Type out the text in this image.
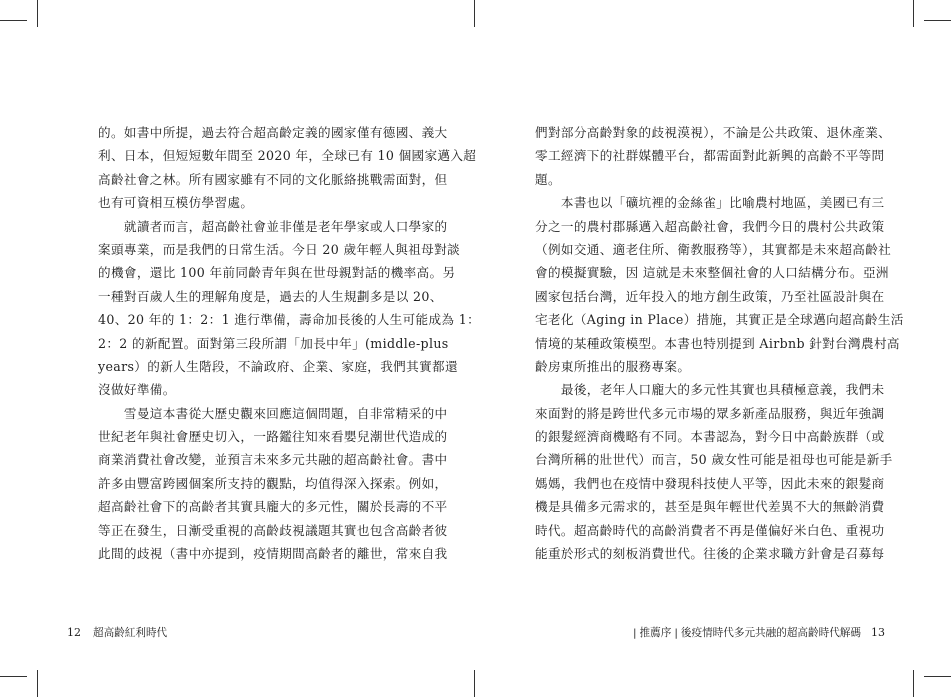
的。如書中所提，過去符合超高齡定義的國家僅有德國、義大
利、日本，但短短數年間至 2020 年，全球已有 10 個國家邁入超
高齡社會之林。所有國家雖有不同的文化脈絡挑戰需面對，但
也有可資相互模仿學習處。
　　就讀者而言，超高齡社會並非僅是老年學家或人口學家的
案頭專業，而是我們的日常生活。今日 20 歲年輕人與祖母對談
的機會，還比 100 年前同齡青年與在世母親對話的機率高。另
一種對百歲人生的理解角度是，過去的人生規劃多是以 20、
40、20 年的 1：2：1 進行準備，壽命加長後的人生可能成為 1：
2：2 的新配置。面對第三段所謂「加長中年」(middle-plus
years）的新人生階段，不論政府、企業、家庭，我們其實都還
沒做好準備。
　　雪曼這本書從大歷史觀來回應這個問題，自非常精采的中
世紀老年與社會歷史切入，一路鑑往知來看嬰兒潮世代造成的
商業消費社會改變，並預言未來多元共融的超高齡社會。書中
許多由豐富跨國個案所支持的觀點，均值得深入探索。例如，
超高齡社會下的高齡者其實具龐大的多元性，關於長壽的不平
等正在發生，日漸受重視的高齡歧視議題其實也包含高齡者彼
此間的歧視（書中亦提到，疫情期間高齡者的離世，常來自我
們對部分高齡對象的歧視漠視），不論是公共政策、退休產業、
零工經濟下的社群媒體平台，都需面對此新興的高齡不平等問
題。
　　本書也以「礦坑裡的金絲雀」比喻農村地區，美國已有三
分之一的農村郡縣邁入超高齡社會，我們今日的農村公共政策
（例如交通、適老住所、衛教服務等），其實都是未來超高齡社
會的模擬實驗，因 這就是未來整個社會的人口結構分布。亞洲
國家包括台灣，近年投入的地方創生政策，乃至社區設計與在
宅老化（Aging in Place）措施，其實正是全球邁向超高齡生活
情境的某種政策模型。本書也特別提到 Airbnb 針對台灣農村高
齡房東所推出的服務專案。
　　最後，老年人口龐大的多元性其實也具積極意義，我們未
來面對的將是跨世代多元市場的眾多新產品服務，與近年強調
的銀髮經濟商機略有不同。本書認為，對今日中高齡族群（或
台灣所稱的壯世代）而言，50 歲女性可能是祖母也可能是新手
媽媽，我們也在疫情中發現科技使人平等，因此未來的銀髮商
機是具備多元需求的，甚至是與年輕世代差異不大的無齡消費
時代。超高齡時代的高齡消費者不再是僅偏好米白色、重視功
能重於形式的刻板消費世代。往後的企業求職方針會是召募每
12 超高齡紅利時代	| 推薦序 | 後疫情時代多元共融的超高齡時代解碼 13
